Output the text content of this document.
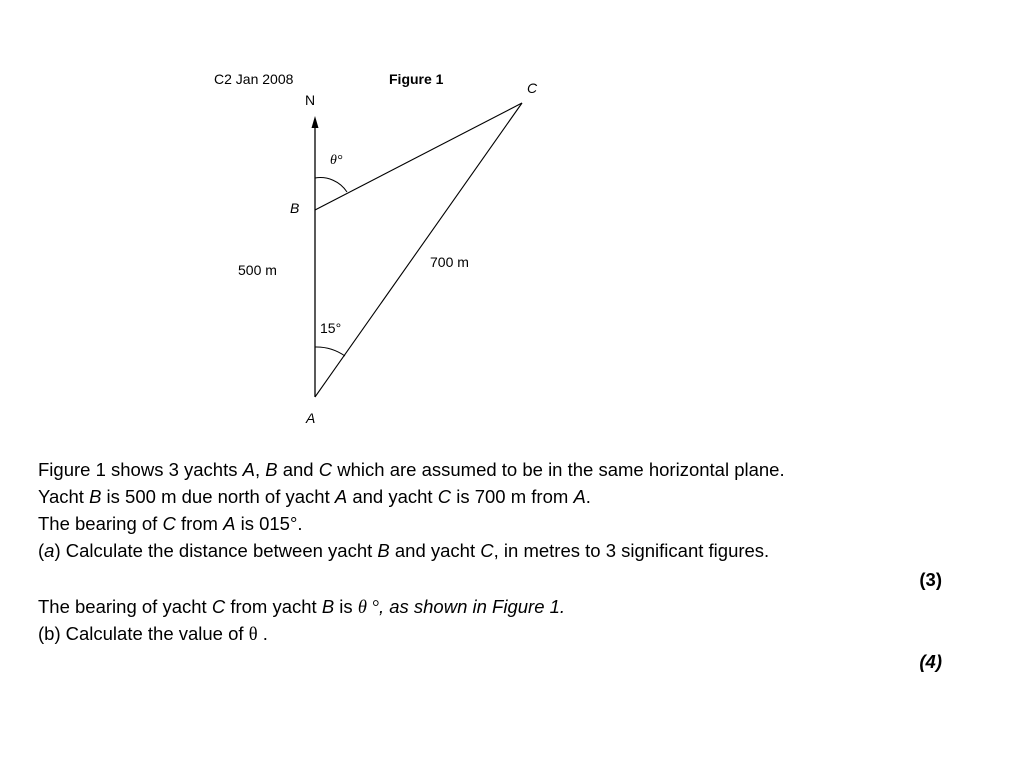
C2 Jan 2008	Figure 1
N
C
B
A
θ°
15°
500 m	700 m
Figure 1 shows 3 yachts A, B and C which are assumed to be in the same horizontal plane.
Yacht B is 500 m due north of yacht A and yacht C is 700 m from A.
The bearing of C from A is 015°.
(a) Calculate the distance between yacht B and yacht C, in metres to 3 significant figures.
(3)
The bearing of yacht C from yacht B is θ °, as shown in Figure 1.
(b) Calculate the value of θ .
(4)
